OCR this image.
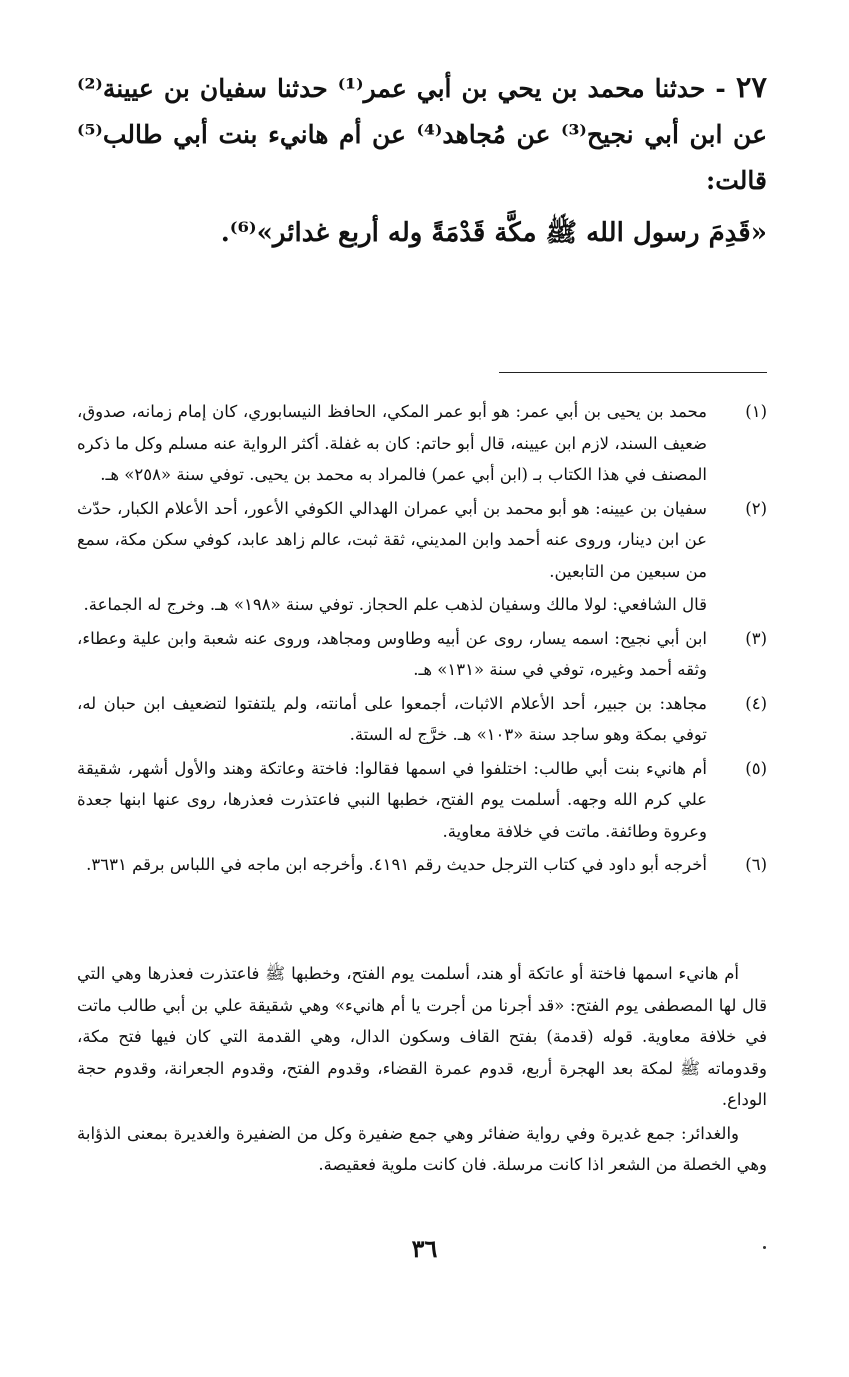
٢٧ - حدثنا محمد بن يحي بن أبي عمر⁽¹⁾ حدثنا سفيان بن عيينة⁽²⁾ عن ابن أبي نجيح⁽³⁾ عن مُجاهد⁽⁴⁾ عن أم هانيء بنت أبي طالب⁽⁵⁾ قالت:
«قَدِمَ رسول الله ﷺ مكَّة قَدْمَةً وله أربع غدائر»⁽⁶⁾.
(١)

محمد بن يحيى بن أبي عمر: هو أبو عمر المكي، الحافظ النيسابوري، كان إمام زمانه، صدوق، ضعيف السند، لازم ابن عيينه، قال أبو حاتم: كان به غفلة. أكثر الرواية عنه مسلم وكل ما ذكره المصنف في هذا الكتاب بـ (ابن أبي عمر) فالمراد به محمد بن يحيى. توفي سنة «٢٥٨» هـ.

(٢)

سفيان بن عيينه: هو أبو محمد بن أبي عمران الهدالي الكوفي الأعور، أحد الأعلام الكبار، حدّث عن ابن دينار، وروى عنه أحمد وابن المديني، ثقة ثبت، عالم زاهد عابد، كوفي سكن مكة، سمع من سبعين من التابعين.

قال الشافعي: لولا مالك وسفيان لذهب علم الحجاز. توفي سنة «١٩٨» هـ. وخرج له الجماعة.

(٣)

ابن أبي نجيح: اسمه يسار، روى عن أبيه وطاوس ومجاهد، وروى عنه شعبة وابن علية وعطاء، وثقه أحمد وغيره، توفي في سنة «١٣١» هـ.

(٤)

مجاهد: بن جبير، أحد الأعلام الاثبات، أجمعوا على أمانته، ولم يلتفتوا لتضعيف ابن حبان له، توفي بمكة وهو ساجد سنة «١٠٣» هـ. خرَّج له الستة.

(٥)

أم هانيء بنت أبي طالب: اختلفوا في اسمها فقالوا: فاختة وعاتكة وهند والأول أشهر، شقيقة علي كرم الله وجهه. أسلمت يوم الفتح، خطبها النبي فاعتذرت فعذرها، روى عنها ابنها جعدة وعروة وطائفة. ماتت في خلافة معاوية.

(٦)

أخرجه أبو داود في كتاب الترجل حديث رقم ٤١٩١. وأخرجه ابن ماجه في اللباس برقم ٣٦٣١.

أم هانيء اسمها فاختة أو عاتكة أو هند، أسلمت يوم الفتح، وخطبها ﷺ فاعتذرت فعذرها وهي التي قال لها المصطفى يوم الفتح: «قد أجرنا من أجرت يا أم هانيء» وهي شقيقة علي بن أبي طالب ماتت في خلافة معاوية. قوله (قدمة) بفتح القاف وسكون الدال، وهي القدمة التي كان فيها فتح مكة، وقدوماته ﷺ لمكة بعد الهجرة أربع، قدوم عمرة القضاء، وقدوم الفتح، وقدوم الجعرانة، وقدوم حجة الوداع.

والغدائر: جمع غديرة وفي رواية ضفائر وهي جمع ضفيرة وكل من الضفيرة والغديرة بمعنى الذؤابة وهي الخصلة من الشعر اذا كانت مرسلة. فان كانت ملوية فعقيصة.

٣٦
